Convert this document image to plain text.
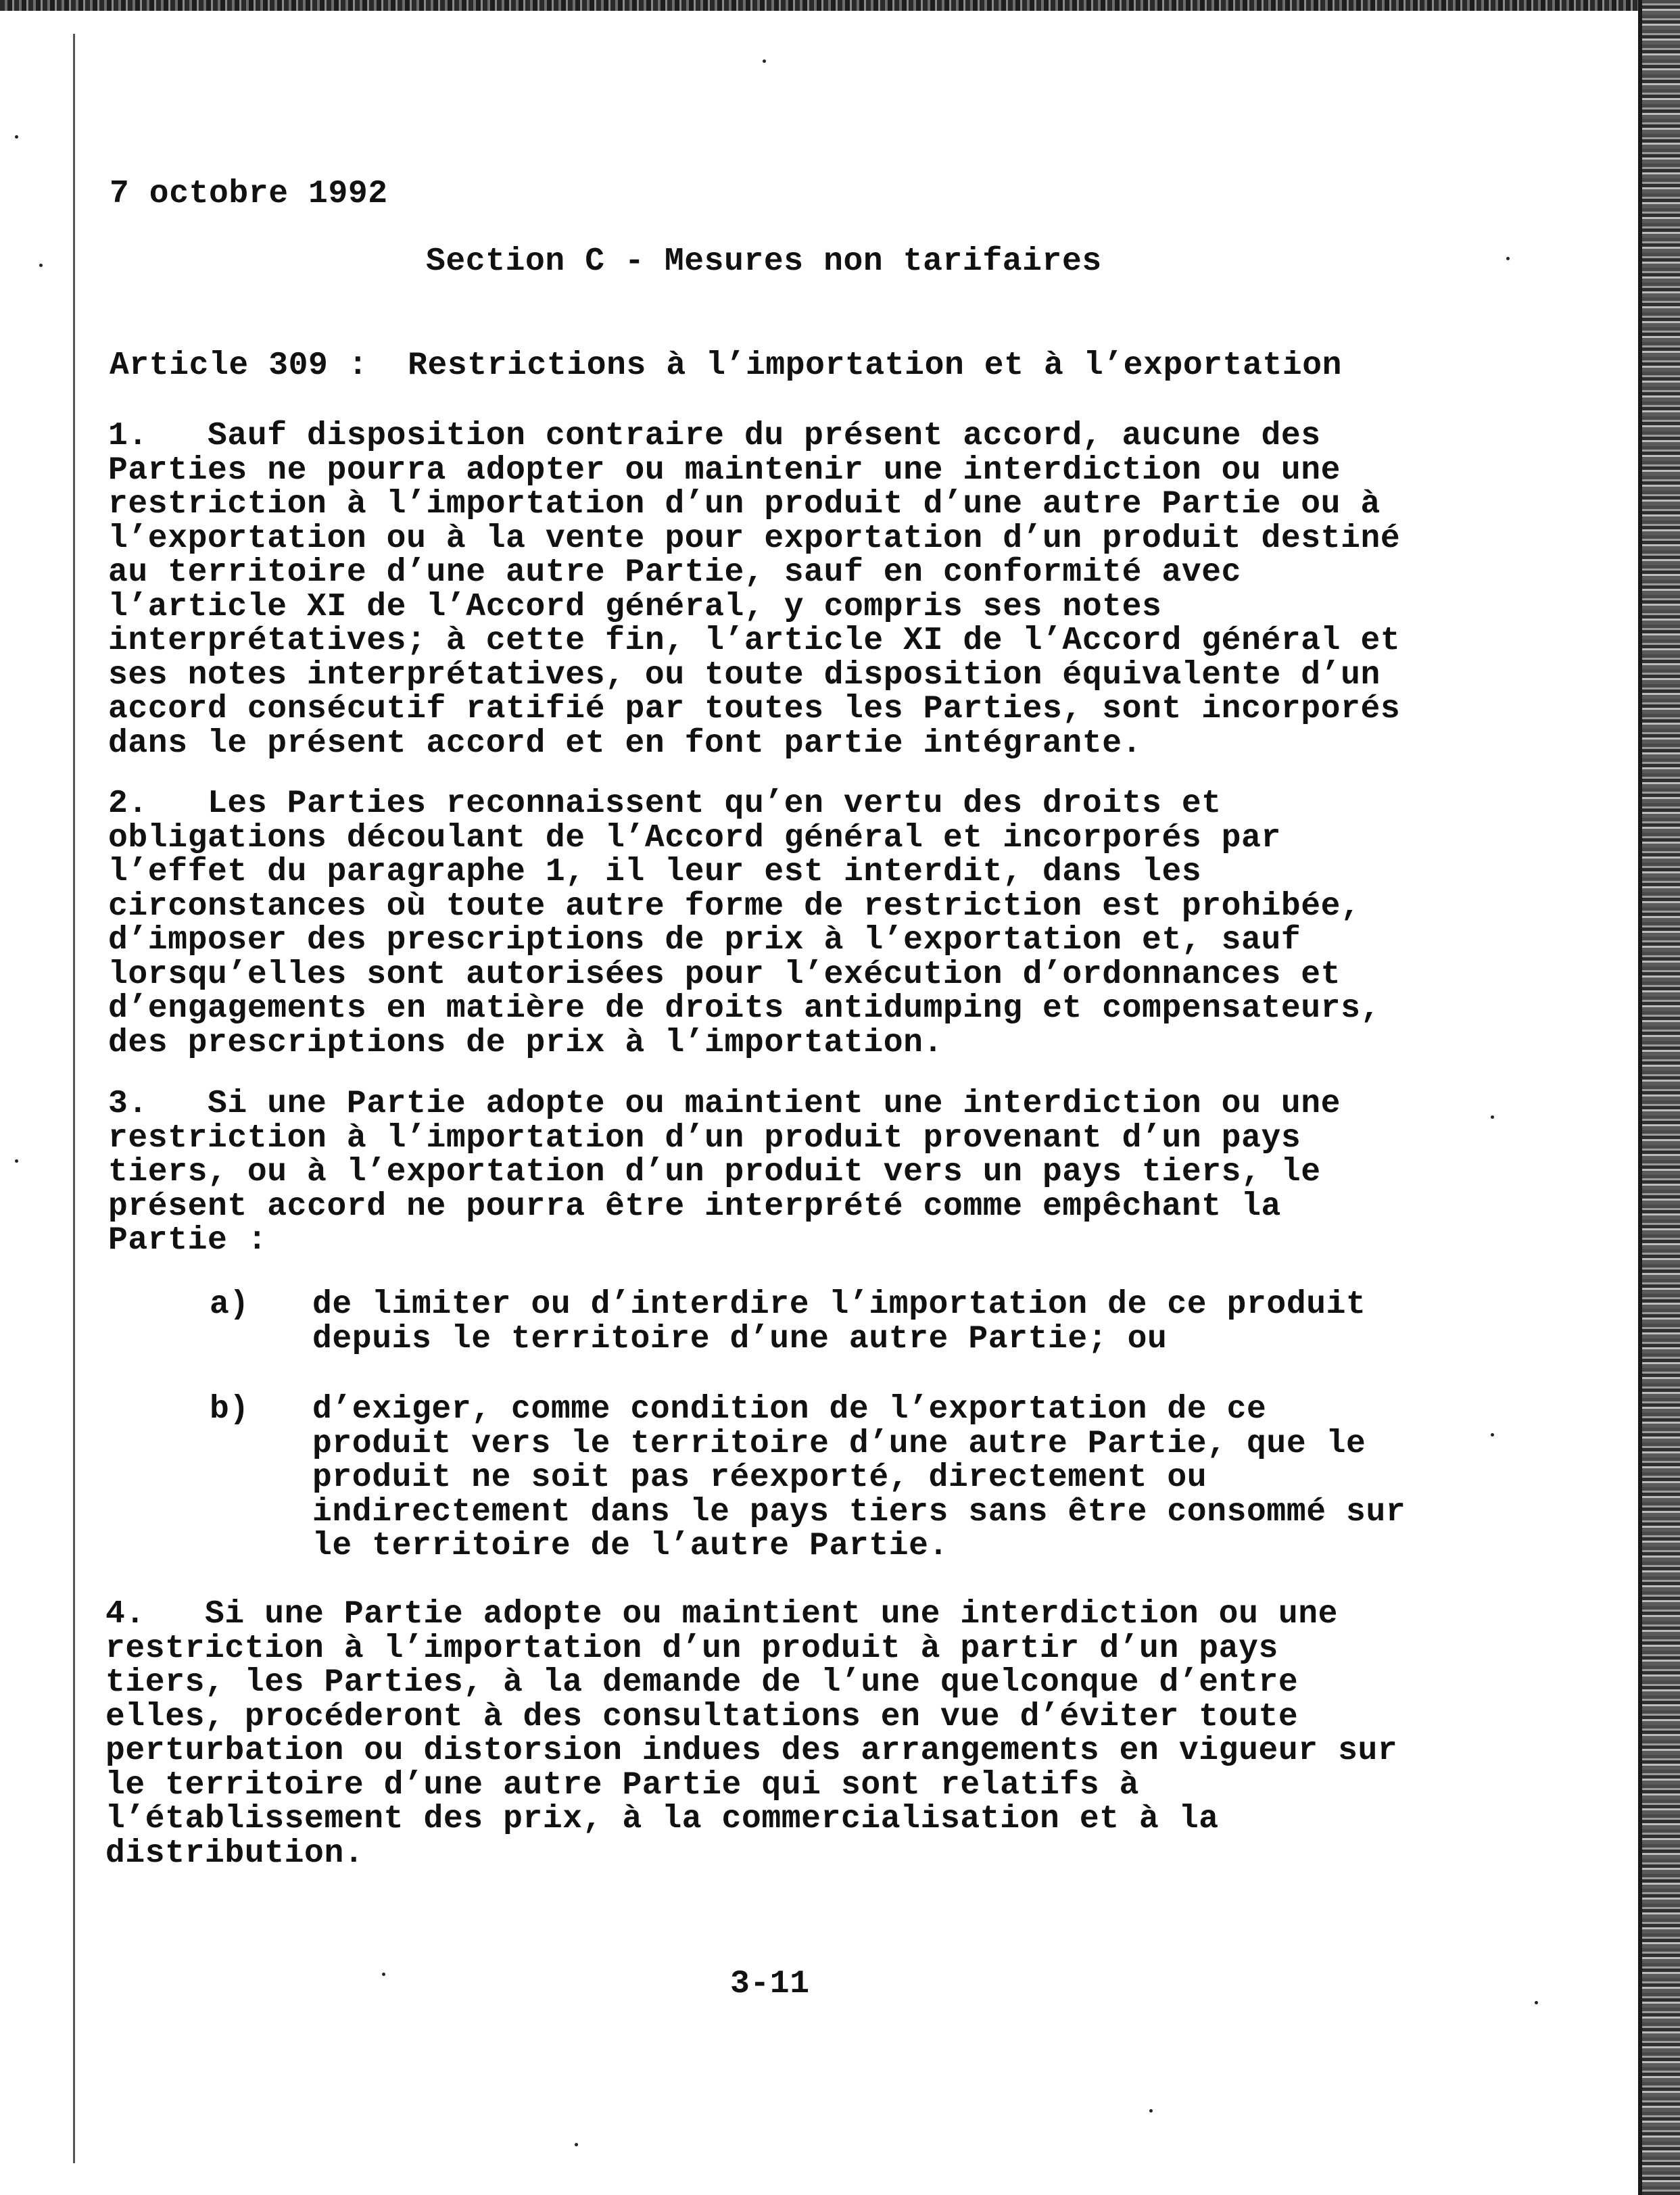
7 octobre 1992
Section C - Mesures non tarifaires
Article 309 :  Restrictions à l’importation et à l’exportation
1.   Sauf disposition contraire du présent accord, aucune des
Parties ne pourra adopter ou maintenir une interdiction ou une
restriction à l’importation d’un produit d’une autre Partie ou à
l’exportation ou à la vente pour exportation d’un produit destiné
au territoire d’une autre Partie, sauf en conformité avec
l’article XI de l’Accord général, y compris ses notes
interprétatives; à cette fin, l’article XI de l’Accord général et
ses notes interprétatives, ou toute disposition équivalente d’un
accord consécutif ratifié par toutes les Parties, sont incorporés
dans le présent accord et en font partie intégrante.
2.   Les Parties reconnaissent qu’en vertu des droits et
obligations découlant de l’Accord général et incorporés par
l’effet du paragraphe 1, il leur est interdit, dans les
circonstances où toute autre forme de restriction est prohibée,
d’imposer des prescriptions de prix à l’exportation et, sauf
lorsqu’elles sont autorisées pour l’exécution d’ordonnances et
d’engagements en matière de droits antidumping et compensateurs,
des prescriptions de prix à l’importation.
3.   Si une Partie adopte ou maintient une interdiction ou une
restriction à l’importation d’un produit provenant d’un pays
tiers, ou à l’exportation d’un produit vers un pays tiers, le
présent accord ne pourra être interprété comme empêchant la
Partie :
a) de limiter ou d’interdire l’importation de ce produit
depuis le territoire d’une autre Partie; ou
b) d’exiger, comme condition de l’exportation de ce
produit vers le territoire d’une autre Partie, que le
produit ne soit pas réexporté, directement ou
indirectement dans le pays tiers sans être consommé sur
le territoire de l’autre Partie.
4.   Si une Partie adopte ou maintient une interdiction ou une
restriction à l’importation d’un produit à partir d’un pays
tiers, les Parties, à la demande de l’une quelconque d’entre
elles, procéderont à des consultations en vue d’éviter toute
perturbation ou distorsion indues des arrangements en vigueur sur
le territoire d’une autre Partie qui sont relatifs à
l’établissement des prix, à la commercialisation et à la
distribution.
3-11
